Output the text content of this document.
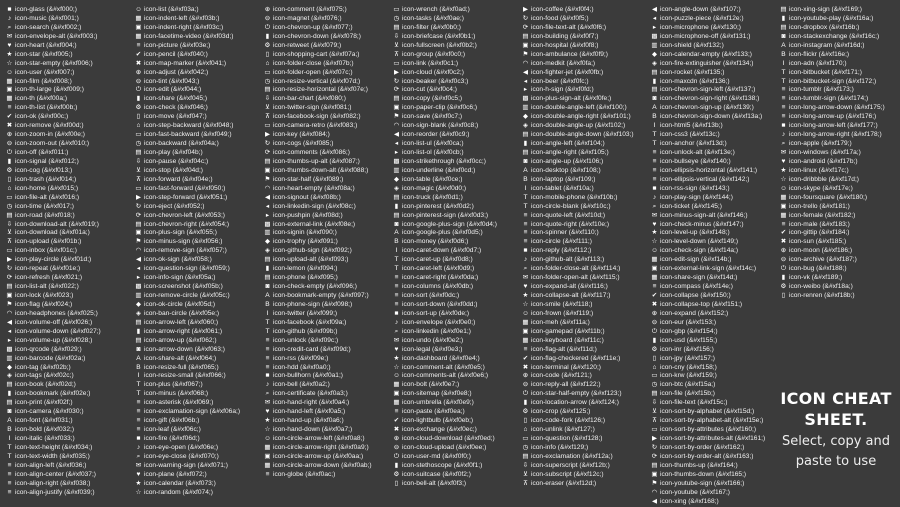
■ icon-glass (&#xf000;)
♪ icon-music (&#xf001;)
⌕ icon-search (&#xf002;)
✉ icon-envelope-alt (&#xf003;)
♥ icon-heart (&#xf004;)
★ icon-star (&#xf005;)
☆ icon-star-empty (&#xf006;)
☺ icon-user (&#xf007;)
▦ icon-film (&#xf008;)
▣ icon-th-large (&#xf009;)
▦ icon-th (&#xf00a;)
≡ icon-th-list (&#xf00b;)
✔ icon-ok (&#xf00c;)
✖ icon-remove (&#xf00d;)
⊕ icon-zoom-in (&#xf00e;)
⊖ icon-zoom-out (&#xf010;)
⏻ icon-off (&#xf011;)
▮ icon-signal (&#xf012;)
⚙ icon-cog (&#xf013;)
▯ icon-trash (&#xf014;)
⌂ icon-home (&#xf015;)
▭ icon-file-alt (&#xf016;)
◷ icon-time (&#xf017;)
▤ icon-road (&#xf018;)
⇩ icon-download-alt (&#xf019;)
⊻ icon-download (&#xf01a;)
⊼ icon-upload (&#xf01b;)
▭ icon-inbox (&#xf01c;)
▶ icon-play-circle (&#xf01d;)
↻ icon-repeat (&#xf01e;)
⟳ icon-refresh (&#xf021;)
▤ icon-list-alt (&#xf022;)
▣ icon-lock (&#xf023;)
⚑ icon-flag (&#xf024;)
◠ icon-headphones (&#xf025;)
◀ icon-volume-off (&#xf026;)
◂ icon-volume-down (&#xf027;)
▸ icon-volume-up (&#xf028;)
▩ icon-qrcode (&#xf029;)
▥ icon-barcode (&#xf02a;)
◆ icon-tag (&#xf02b;)
◈ icon-tags (&#xf02c;)
▤ icon-book (&#xf02d;)
▮ icon-bookmark (&#xf02e;)
▤ icon-print (&#xf02f;)
◙ icon-camera (&#xf030;)
A icon-font (&#xf031;)
B icon-bold (&#xf032;)
I icon-italic (&#xf033;)
T icon-text-height (&#xf034;)
T icon-text-width (&#xf035;)
≡ icon-align-left (&#xf036;)
≡ icon-align-center (&#xf037;)
≡ icon-align-right (&#xf038;)
≡ icon-align-justify (&#xf039;)
☺ icon-list (&#xf03a;)
▦ icon-indent-left (&#xf03b;)
▣ icon-indent-right (&#xf03c;)
▦ icon-facetime-video (&#xf03d;)
≡ icon-picture (&#xf03e;)
✔ icon-pencil (&#xf040;)
✖ icon-map-marker (&#xf041;)
⊕ icon-adjust (&#xf042;)
⊖ icon-tint (&#xf043;)
⏻ icon-edit (&#xf044;)
▮ icon-share (&#xf045;)
⚙ icon-check (&#xf046;)
▯ icon-move (&#xf047;)
⌂ icon-step-backward (&#xf048;)
▭ icon-fast-backward (&#xf049;)
◷ icon-backward (&#xf04a;)
▤ icon-play (&#xf04b;)
⇩ icon-pause (&#xf04c;)
⊻ icon-stop (&#xf04d;)
⊼ icon-forward (&#xf04e;)
▭ icon-fast-forward (&#xf050;)
▶ icon-step-forward (&#xf051;)
↻ icon-eject (&#xf052;)
⟳ icon-chevron-left (&#xf053;)
▤ icon-chevron-right (&#xf054;)
▣ icon-plus-sign (&#xf055;)
⚑ icon-minus-sign (&#xf056;)
◠ icon-remove-sign (&#xf057;)
◀ icon-ok-sign (&#xf058;)
◂ icon-question-sign (&#xf059;)
▸ icon-info-sign (&#xf05a;)
▩ icon-screenshot (&#xf05b;)
▥ icon-remove-circle (&#xf05c;)
◆ icon-ok-circle (&#xf05d;)
◈ icon-ban-circle (&#xf05e;)
▤ icon-arrow-left (&#xf060;)
▮ icon-arrow-right (&#xf061;)
▤ icon-arrow-up (&#xf062;)
◙ icon-arrow-down (&#xf063;)
A icon-share-alt (&#xf064;)
B icon-resize-full (&#xf065;)
I icon-resize-small (&#xf066;)
T icon-plus (&#xf067;)
T icon-minus (&#xf068;)
≡ icon-asterisk (&#xf069;)
≡ icon-exclamation-sign (&#xf06a;)
≡ icon-gift (&#xf06b;)
≡ icon-leaf (&#xf06c;)
■ icon-fire (&#xf06d;)
♪ icon-eye-open (&#xf06e;)
⌕ icon-eye-close (&#xf070;)
✉ icon-warning-sign (&#xf071;)
♥ icon-plane (&#xf072;)
★ icon-calendar (&#xf073;)
☆ icon-random (&#xf074;)
⊕ icon-comment (&#xf075;)
⊖ icon-magnet (&#xf076;)
⏻ icon-chevron-up (&#xf077;)
▮ icon-chevron-down (&#xf078;)
⚙ icon-retweet (&#xf079;)
▯ icon-shopping-cart (&#xf07a;)
⌂ icon-folder-close (&#xf07b;)
▭ icon-folder-open (&#xf07c;)
◷ icon-resize-vertical (&#xf07d;)
▤ icon-resize-horizontal (&#xf07e;)
⇩ icon-bar-chart (&#xf080;)
⊻ icon-twitter-sign (&#xf081;)
⊼ icon-facebook-sign (&#xf082;)
▭ icon-camera-retro (&#xf083;)
▶ icon-key (&#xf084;)
↻ icon-cogs (&#xf085;)
⟳ icon-comments (&#xf086;)
▤ icon-thumbs-up-alt (&#xf087;)
▣ icon-thumbs-down-alt (&#xf088;)
⚑ icon-star-half (&#xf089;)
◠ icon-heart-empty (&#xf08a;)
◀ icon-signout (&#xf08b;)
◂ icon-linkedin-sign (&#xf08c;)
▸ icon-pushpin (&#xf08d;)
▩ icon-external-link (&#xf08e;)
▥ icon-signin (&#xf090;)
◆ icon-trophy (&#xf091;)
◈ icon-github-sign (&#xf092;)
▤ icon-upload-alt (&#xf093;)
▮ icon-lemon (&#xf094;)
▤ icon-phone (&#xf095;)
◙ icon-check-empty (&#xf096;)
A icon-bookmark-empty (&#xf097;)
B icon-phone-sign (&#xf098;)
I icon-twitter (&#xf099;)
T icon-facebook (&#xf09a;)
T icon-github (&#xf09b;)
≡ icon-unlock (&#xf09c;)
≡ icon-credit-card (&#xf09d;)
≡ icon-rss (&#xf09e;)
≡ icon-hdd (&#xf0a0;)
■ icon-bullhorn (&#xf0a1;)
♪ icon-bell (&#xf0a2;)
⌕ icon-certificate (&#xf0a3;)
✉ icon-hand-right (&#xf0a4;)
♥ icon-hand-left (&#xf0a5;)
★ icon-hand-up (&#xf0a6;)
☆ icon-hand-down (&#xf0a7;)
☺ icon-circle-arrow-left (&#xf0a8;)
▦ icon-circle-arrow-right (&#xf0a9;)
▣ icon-circle-arrow-up (&#xf0aa;)
▦ icon-circle-arrow-down (&#xf0ab;)
≡ icon-globe (&#xf0ac;)
▭ icon-wrench (&#xf0ad;)
◷ icon-tasks (&#xf0ae;)
▤ icon-filter (&#xf0b0;)
⇩ icon-briefcase (&#xf0b1;)
⊻ icon-fullscreen (&#xf0b2;)
⊼ icon-group (&#xf0c0;)
▭ icon-link (&#xf0c1;)
▶ icon-cloud (&#xf0c2;)
↻ icon-beaker (&#xf0c3;)
⟳ icon-cut (&#xf0c4;)
▤ icon-copy (&#xf0c5;)
▣ icon-paper-clip (&#xf0c6;)
⚑ icon-save (&#xf0c7;)
◠ icon-sign-blank (&#xf0c8;)
◀ icon-reorder (&#xf0c9;)
◂ icon-list-ul (&#xf0ca;)
▸ icon-list-ol (&#xf0cb;)
▩ icon-strikethrough (&#xf0cc;)
▥ icon-underline (&#xf0cd;)
◆ icon-table (&#xf0ce;)
◈ icon-magic (&#xf0d0;)
▤ icon-truck (&#xf0d1;)
▮ icon-pinterest (&#xf0d2;)
▤ icon-pinterest-sign (&#xf0d3;)
◙ icon-google-plus-sign (&#xf0d4;)
A icon-google-plus (&#xf0d5;)
B icon-money (&#xf0d6;)
I icon-caret-down (&#xf0d7;)
T icon-caret-up (&#xf0d8;)
T icon-caret-left (&#xf0d9;)
≡ icon-caret-right (&#xf0da;)
≡ icon-columns (&#xf0db;)
≡ icon-sort (&#xf0dc;)
≡ icon-sort-down (&#xf0dd;)
■ icon-sort-up (&#xf0de;)
♪ icon-envelope (&#xf0e0;)
⌕ icon-linkedin (&#xf0e1;)
✉ icon-undo (&#xf0e2;)
♥ icon-legal (&#xf0e3;)
★ icon-dashboard (&#xf0e4;)
☆ icon-comment-alt (&#xf0e5;)
☺ icon-comments-alt (&#xf0e6;)
▦ icon-bolt (&#xf0e7;)
▣ icon-sitemap (&#xf0e8;)
▦ icon-umbrella (&#xf0e9;)
≡ icon-paste (&#xf0ea;)
✔ icon-lightbulb (&#xf0eb;)
✖ icon-exchange (&#xf0ec;)
⊕ icon-cloud-download (&#xf0ed;)
⊖ icon-cloud-upload (&#xf0ee;)
⏻ icon-user-md (&#xf0f0;)
▮ icon-stethoscope (&#xf0f1;)
⚙ icon-suitcase (&#xf0f2;)
▯ icon-bell-alt (&#xf0f3;)
▶ icon-coffee (&#xf0f4;)
↻ icon-food (&#xf0f5;)
⟳ icon-file-text-alt (&#xf0f6;)
▤ icon-building (&#xf0f7;)
▣ icon-hospital (&#xf0f8;)
⚑ icon-ambulance (&#xf0f9;)
◠ icon-medkit (&#xf0fa;)
◀ icon-fighter-jet (&#xf0fb;)
◂ icon-beer (&#xf0fc;)
▸ icon-h-sign (&#xf0fd;)
▩ icon-plus-sign-alt (&#xf0fe;)
▥ icon-double-angle-left (&#xf100;)
◆ icon-double-angle-right (&#xf101;)
◈ icon-double-angle-up (&#xf102;)
▤ icon-double-angle-down (&#xf103;)
▮ icon-angle-left (&#xf104;)
▤ icon-angle-right (&#xf105;)
◙ icon-angle-up (&#xf106;)
A icon-desktop (&#xf108;)
B icon-laptop (&#xf109;)
I icon-tablet (&#xf10a;)
T icon-mobile-phone (&#xf10b;)
T icon-circle-blank (&#xf10c;)
≡ icon-quote-left (&#xf10d;)
≡ icon-quote-right (&#xf10e;)
≡ icon-spinner (&#xf110;)
≡ icon-circle (&#xf111;)
■ icon-reply (&#xf112;)
♪ icon-github-alt (&#xf113;)
⌕ icon-folder-close-alt (&#xf114;)
✉ icon-folder-open-alt (&#xf115;)
♥ icon-expand-alt (&#xf116;)
★ icon-collapse-alt (&#xf117;)
☆ icon-smile (&#xf118;)
☺ icon-frown (&#xf119;)
▦ icon-meh (&#xf11a;)
▣ icon-gamepad (&#xf11b;)
▦ icon-keyboard (&#xf11c;)
≡ icon-flag-alt (&#xf11d;)
✔ icon-flag-checkered (&#xf11e;)
✖ icon-terminal (&#xf120;)
⊕ icon-code (&#xf121;)
⊖ icon-reply-all (&#xf122;)
⏻ icon-star-half-empty (&#xf123;)
▮ icon-location-arrow (&#xf124;)
⚙ icon-crop (&#xf125;)
▯ icon-code-fork (&#xf126;)
⌂ icon-unlink (&#xf127;)
▭ icon-question (&#xf128;)
◷ icon-info (&#xf129;)
▤ icon-exclamation (&#xf12a;)
⇩ icon-superscript (&#xf12b;)
⊻ icon-subscript (&#xf12c;)
⊼ icon-eraser (&#xf12d;)
◀ icon-angle-down (&#xf107;)
◂ icon-puzzle-piece (&#xf12e;)
▸ icon-microphone (&#xf130;)
▩ icon-microphone-off (&#xf131;)
▥ icon-shield (&#xf132;)
◆ icon-calendar-empty (&#xf133;)
◈ icon-fire-extinguisher (&#xf134;)
▤ icon-rocket (&#xf135;)
▮ icon-maxcdn (&#xf136;)
▤ icon-chevron-sign-left (&#xf137;)
◙ icon-chevron-sign-right (&#xf138;)
A icon-chevron-sign-up (&#xf139;)
B icon-chevron-sign-down (&#xf13a;)
I icon-html5 (&#xf13b;)
T icon-css3 (&#xf13c;)
T icon-anchor (&#xf13d;)
≡ icon-unlock-alt (&#xf13e;)
≡ icon-bullseye (&#xf140;)
≡ icon-ellipsis-horizontal (&#xf141;)
≡ icon-ellipsis-vertical (&#xf142;)
■ icon-rss-sign (&#xf143;)
♪ icon-play-sign (&#xf144;)
⌕ icon-ticket (&#xf145;)
✉ icon-minus-sign-alt (&#xf146;)
♥ icon-check-minus (&#xf147;)
★ icon-level-up (&#xf148;)
☆ icon-level-down (&#xf149;)
☺ icon-check-sign (&#xf14a;)
▦ icon-edit-sign (&#xf14b;)
▣ icon-external-link-sign (&#xf14c;)
▦ icon-share-sign (&#xf14d;)
≡ icon-compass (&#xf14e;)
✔ icon-collapse (&#xf150;)
✖ icon-collapse-top (&#xf151;)
⊕ icon-expand (&#xf152;)
⊖ icon-eur (&#xf153;)
⏻ icon-gbp (&#xf154;)
▮ icon-usd (&#xf155;)
⚙ icon-inr (&#xf156;)
▯ icon-jpy (&#xf157;)
⌂ icon-cny (&#xf158;)
▭ icon-krw (&#xf159;)
◷ icon-btc (&#xf15a;)
▤ icon-file (&#xf15b;)
⇩ icon-file-text (&#xf15c;)
⊻ icon-sort-by-alphabet (&#xf15d;)
⊼ icon-sort-by-alphabet-alt (&#xf15e;)
▭ icon-sort-by-attributes (&#xf160;)
▶ icon-sort-by-attributes-alt (&#xf161;)
↻ icon-sort-by-order (&#xf162;)
⟳ icon-sort-by-order-alt (&#xf163;)
▤ icon-thumbs-up (&#xf164;)
▣ icon-thumbs-down (&#xf165;)
⚑ icon-youtube-sign (&#xf166;)
◠ icon-youtube (&#xf167;)
◀ icon-xing (&#xf168;)
▤ icon-xing-sign (&#xf169;)
▮ icon-youtube-play (&#xf16a;)
▤ icon-dropbox (&#xf16b;)
◙ icon-stackexchange (&#xf16c;)
A icon-instagram (&#xf16d;)
B icon-flickr (&#xf16e;)
I icon-adn (&#xf170;)
T icon-bitbucket (&#xf171;)
T icon-bitbucket-sign (&#xf172;)
≡ icon-tumblr (&#xf173;)
≡ icon-tumblr-sign (&#xf174;)
≡ icon-long-arrow-down (&#xf175;)
≡ icon-long-arrow-up (&#xf176;)
■ icon-long-arrow-left (&#xf177;)
♪ icon-long-arrow-right (&#xf178;)
⌕ icon-apple (&#xf179;)
✉ icon-windows (&#xf17a;)
♥ icon-android (&#xf17b;)
★ icon-linux (&#xf17c;)
☆ icon-dribbble (&#xf17d;)
☺ icon-skype (&#xf17e;)
▦ icon-foursquare (&#xf180;)
▣ icon-trello (&#xf181;)
▦ icon-female (&#xf182;)
≡ icon-male (&#xf183;)
✔ icon-gittip (&#xf184;)
✖ icon-sun (&#xf185;)
⊕ icon-moon (&#xf186;)
⊖ icon-archive (&#xf187;)
⏻ icon-bug (&#xf188;)
▮ icon-vk (&#xf189;)
⚙ icon-weibo (&#xf18a;)
▯ icon-renren (&#xf18b;)
ICON CHEAT SHEET.
Select, copy and paste to use
